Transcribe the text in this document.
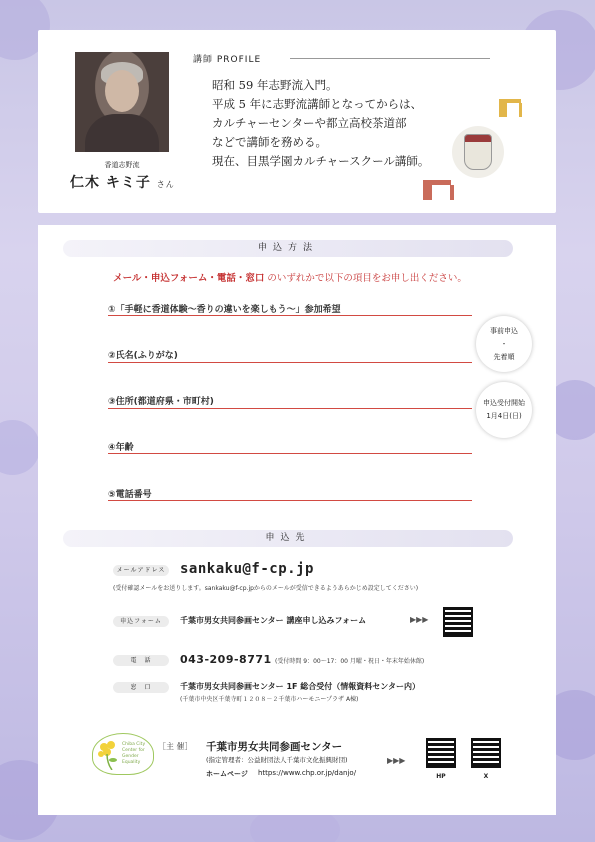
香道志野流
仁木 キミ子 さん
講師 PROFILE
昭和 59 年志野流入門。
平成 5 年に志野流講師となってからは、
カルチャーセンターや都立高校茶道部
などで講師を務める。
現在、目黒学園カルチャースクール講師。
申込方法
メール・申込フォーム・電話・窓口 のいずれかで以下の項目をお申し出ください。
①「手軽に香道体験～香りの違いを楽しもう～」参加希望
②氏名(ふりがな)
③住所(都道府県・市町村)
④年齢
⑤電話番号
事前申込
・
先着順
申込受付開始
1月4日(日)
申込先
メールアドレス sankaku@f-cp.jp
(受付確認メールをお送りします。sankaku@f-cp.jpからのメールが受信できるようあらかじめ設定してください)
申込フォーム	千葉市男女共同参画センター 講座申し込みフォーム	▶▶▶
電　話	043-209-8771 (受付時間 9：00～17：00 月曜・祝日・年末年始休館)
窓　口	千葉市男女共同参画センター 1F 総合受付（情報資料センター内）
(千葉市中央区千葉寺町１２０８－２千葉市ハーモニープラザ A棟)
Chiba City
Center for
Gender
Equality
［主 催］ 千葉市男女共同参画センター
(指定管理者：公益財団法人千葉市文化振興財団)
ホームページ https://www.chp.or.jp/danjo/
▶▶▶
HP	X
